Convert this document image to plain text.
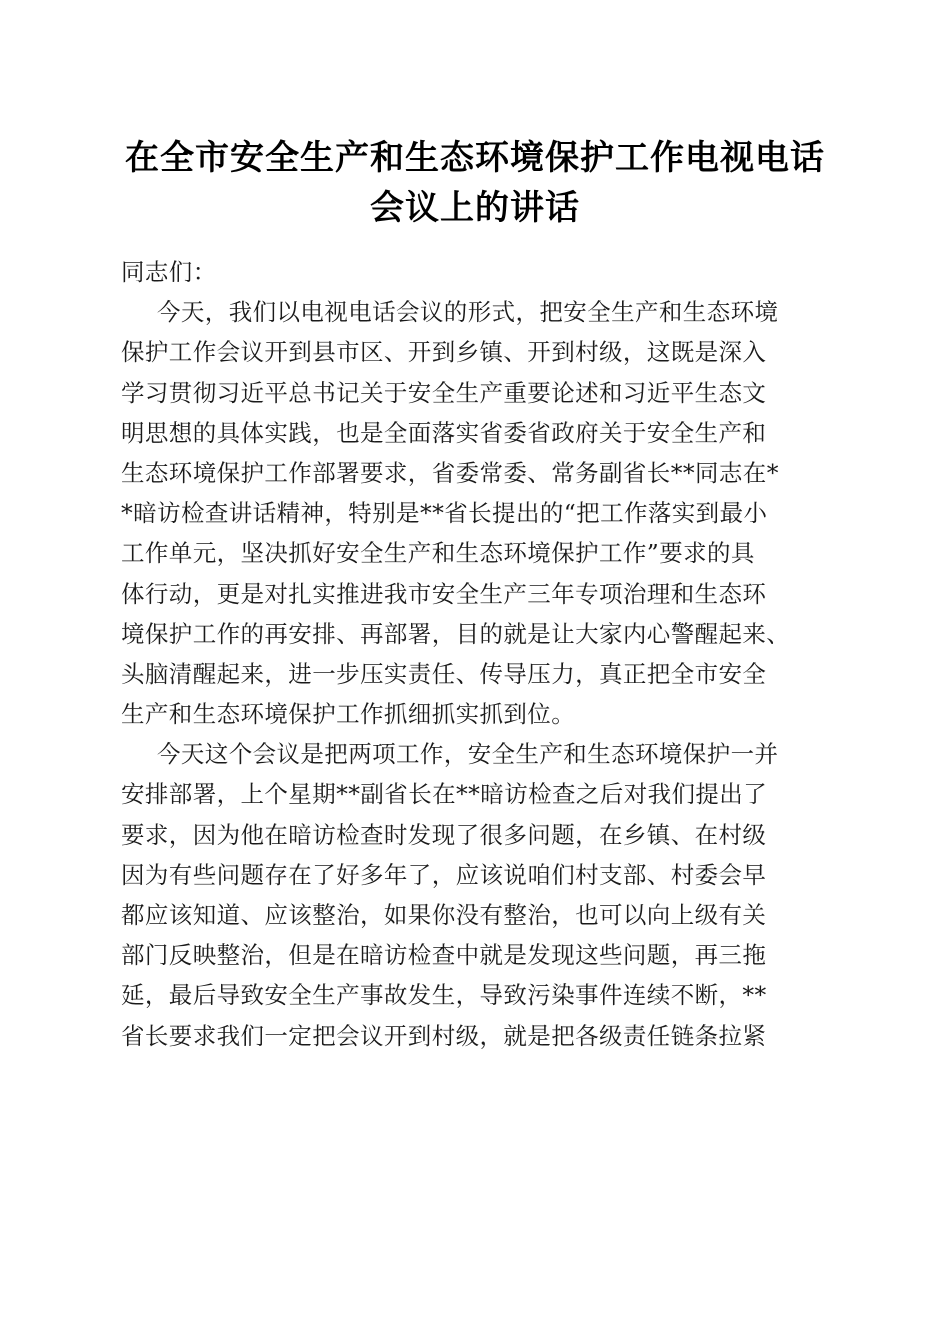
在全市安全生产和生态环境保护工作电视电话
会议上的讲话
同志们：
今天，我们以电视电话会议的形式，把安全生产和生态环境
保护工作会议开到县市区、开到乡镇、开到村级，这既是深入
学习贯彻习近平总书记关于安全生产重要论述和习近平生态文
明思想的具体实践，也是全面落实省委省政府关于安全生产和
生态环境保护工作部署要求，省委常委、常务副省长**同志在*
*暗访检查讲话精神，特别是**省长提出的“把工作落实到最小
工作单元，坚决抓好安全生产和生态环境保护工作”要求的具
体行动，更是对扎实推进我市安全生产三年专项治理和生态环
境保护工作的再安排、再部署，目的就是让大家内心警醒起来、
头脑清醒起来，进一步压实责任、传导压力，真正把全市安全
生产和生态环境保护工作抓细抓实抓到位。
今天这个会议是把两项工作，安全生产和生态环境保护一并
安排部署，上个星期**副省长在**暗访检查之后对我们提出了
要求，因为他在暗访检查时发现了很多问题，在乡镇、在村级
因为有些问题存在了好多年了，应该说咱们村支部、村委会早
都应该知道、应该整治，如果你没有整治，也可以向上级有关
部门反映整治，但是在暗访检查中就是发现这些问题，再三拖
延，最后导致安全生产事故发生，导致污染事件连续不断，**
省长要求我们一定把会议开到村级，就是把各级责任链条拉紧
